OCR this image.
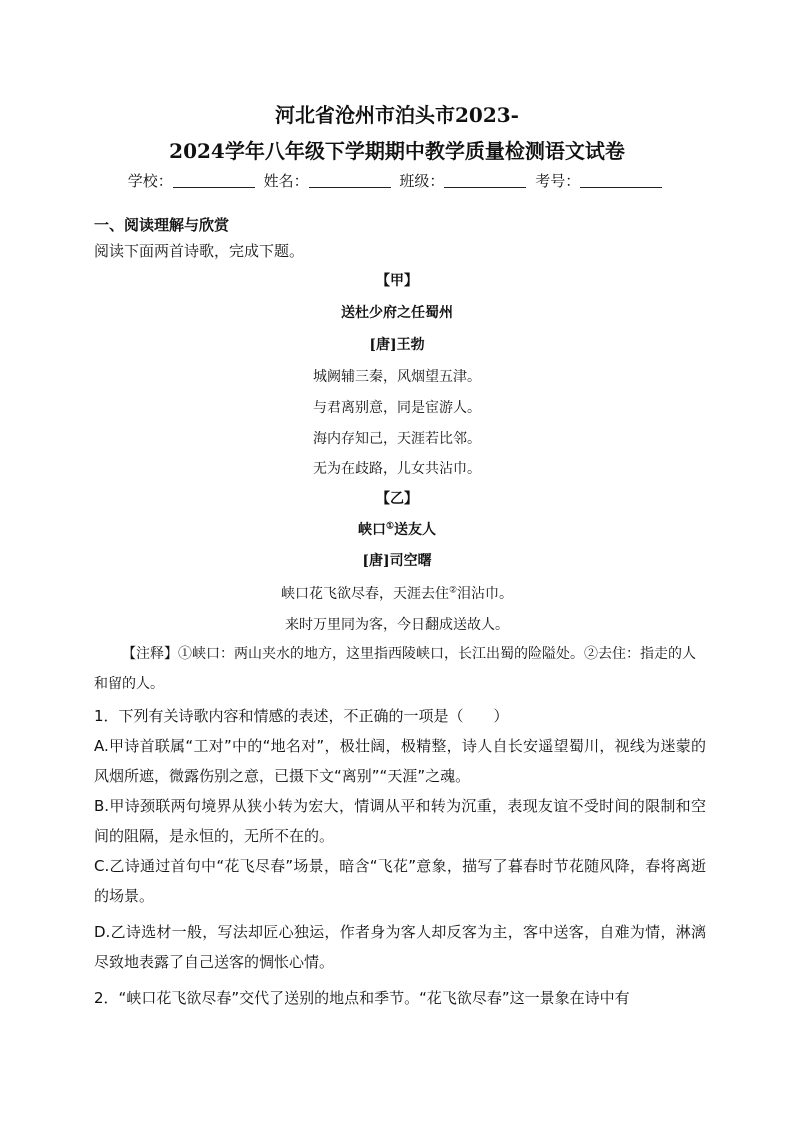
河北省沧州市泊头市2023-
2024学年八年级下学期期中教学质量检测语文试卷
学校：	姓名：	班级：	考号：
一、阅读理解与欣赏
阅读下面两首诗歌，完成下题。
【甲】
送杜少府之任蜀州
[唐]王勃
城阙辅三秦，风烟望五津。
与君离别意，同是宦游人。
海内存知己，天涯若比邻。
无为在歧路，儿女共沾巾。
【乙】
峡口①送友人
[唐]司空曙
峡口花飞欲尽春，天涯去住②泪沾巾。
来时万里同为客，今日翻成送故人。
【注释】①峡口：两山夹水的地方，这里指西陵峡口，长江出蜀的险隘处。②去住：指走的人和留的人。
1．下列有关诗歌内容和情感的表述，不正确的一项是（　　）
A.甲诗首联属“工对”中的“地名对”，极壮阔，极精整，诗人自长安遥望蜀川，视线为迷蒙的风烟所遮，微露伤别之意，已摄下文“离别”“天涯”之魂。
B.甲诗颈联两句境界从狭小转为宏大，情调从平和转为沉重，表现友谊不受时间的限制和空间的阻隔，是永恒的，无所不在的。
C.乙诗通过首句中“花飞尽春”场景，暗含“飞花”意象，描写了暮春时节花随风降，春将离逝的场景。
D.乙诗选材一般，写法却匠心独运，作者身为客人却反客为主，客中送客，自难为情，淋漓尽致地表露了自己送客的惆怅心情。
2．“峡口花飞欲尽春”交代了送别的地点和季节。“花飞欲尽春”这一景象在诗中有
